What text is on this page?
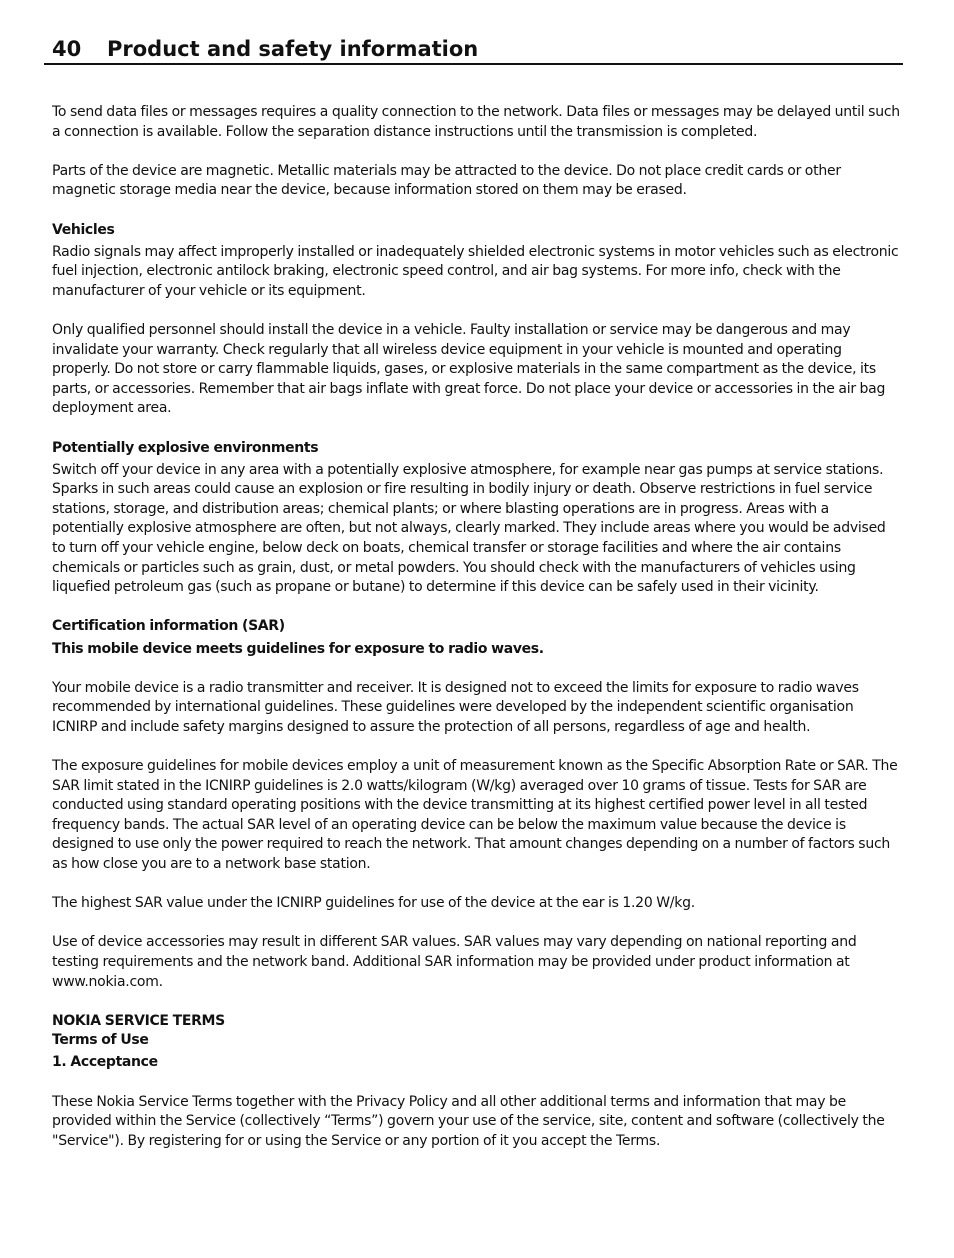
40 Product and safety information

To send data files or messages requires a quality connection to the network. Data files or messages may be delayed until such a connection is available. Follow the separation distance instructions until the transmission is completed.

Parts of the device are magnetic. Metallic materials may be attracted to the device. Do not place credit cards or other magnetic storage media near the device, because information stored on them may be erased.

Vehicles

Radio signals may affect improperly installed or inadequately shielded electronic systems in motor vehicles such as electronic fuel injection, electronic antilock braking, electronic speed control, and air bag systems. For more info, check with the manufacturer of your vehicle or its equipment.

Only qualified personnel should install the device in a vehicle. Faulty installation or service may be dangerous and may invalidate your warranty. Check regularly that all wireless device equipment in your vehicle is mounted and operating properly. Do not store or carry flammable liquids, gases, or explosive materials in the same compartment as the device, its parts, or accessories. Remember that air bags inflate with great force. Do not place your device or accessories in the air bag deployment area.

Potentially explosive environments

Switch off your device in any area with a potentially explosive atmosphere, for example near gas pumps at service stations. Sparks in such areas could cause an explosion or fire resulting in bodily injury or death. Observe restrictions in fuel service stations, storage, and distribution areas; chemical plants; or where blasting operations are in progress. Areas with a potentially explosive atmosphere are often, but not always, clearly marked. They include areas where you would be advised to turn off your vehicle engine, below deck on boats, chemical transfer or storage facilities and where the air contains chemicals or particles such as grain, dust, or metal powders. You should check with the manufacturers of vehicles using liquefied petroleum gas (such as propane or butane) to determine if this device can be safely used in their vicinity.

Certification information (SAR)
This mobile device meets guidelines for exposure to radio waves.

Your mobile device is a radio transmitter and receiver. It is designed not to exceed the limits for exposure to radio waves recommended by international guidelines. These guidelines were developed by the independent scientific organisation ICNIRP and include safety margins designed to assure the protection of all persons, regardless of age and health.

The exposure guidelines for mobile devices employ a unit of measurement known as the Specific Absorption Rate or SAR. The SAR limit stated in the ICNIRP guidelines is 2.0 watts/kilogram (W/kg) averaged over 10 grams of tissue. Tests for SAR are conducted using standard operating positions with the device transmitting at its highest certified power level in all tested frequency bands. The actual SAR level of an operating device can be below the maximum value because the device is designed to use only the power required to reach the network. That amount changes depending on a number of factors such as how close you are to a network base station.

The highest SAR value under the ICNIRP guidelines for use of the device at the ear is 1.20 W/kg.

Use of device accessories may result in different SAR values. SAR values may vary depending on national reporting and testing requirements and the network band. Additional SAR information may be provided under product information at www.nokia.com.

NOKIA SERVICE TERMS
Terms of Use
1. Acceptance

These Nokia Service Terms together with the Privacy Policy and all other additional terms and information that may be provided within the Service (collectively “Terms”) govern your use of the service, site, content and software (collectively the "Service"). By registering for or using the Service or any portion of it you accept the Terms.
